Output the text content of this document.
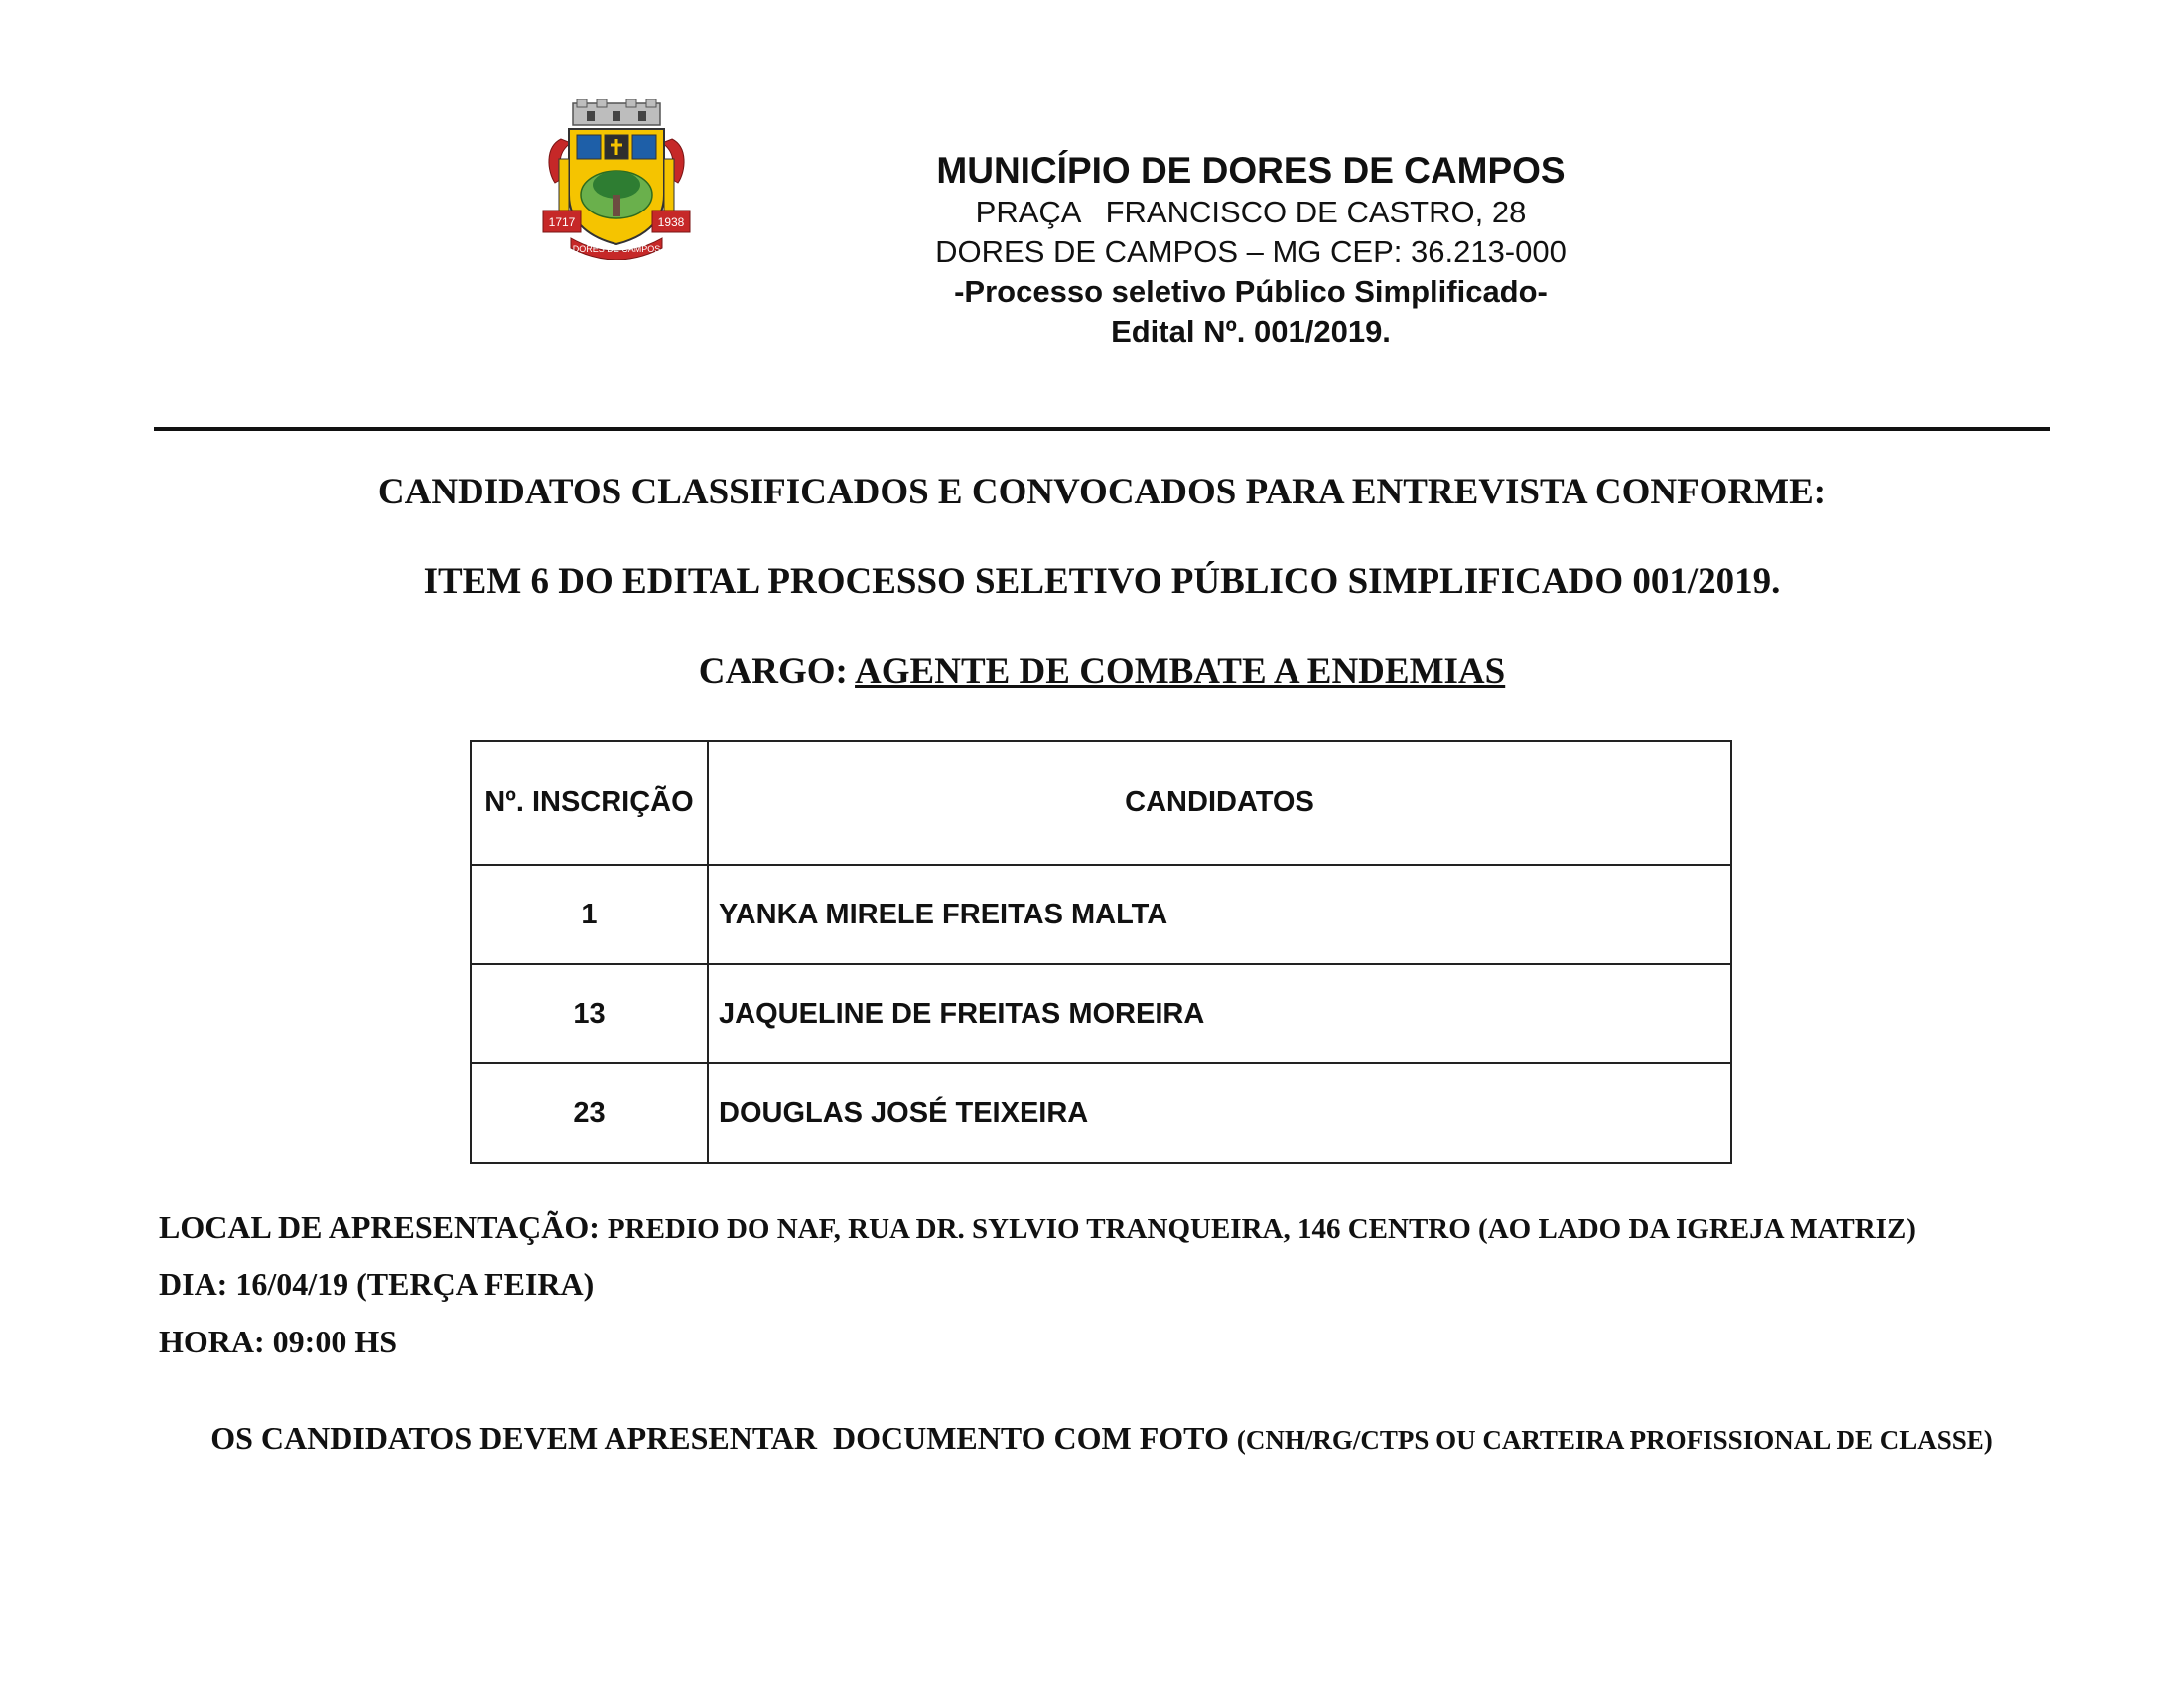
1717	1938
DORES DE CAMPOS
MUNICÍPIO DE DORES DE CAMPOS
PRAÇA   FRANCISCO DE CASTRO, 28
DORES DE CAMPOS – MG CEP: 36.213-000
-Processo seletivo Público Simplificado-
Edital Nº. 001/2019.
CANDIDATOS CLASSIFICADOS E CONVOCADOS PARA ENTREVISTA CONFORME:
ITEM 6 DO EDITAL PROCESSO SELETIVO PÚBLICO SIMPLIFICADO 001/2019.
CARGO: AGENTE DE COMBATE A ENDEMIAS
Nº. INSCRIÇÃO	CANDIDATOS
1	YANKA MIRELE FREITAS MALTA
13	JAQUELINE DE FREITAS MOREIRA
23	DOUGLAS JOSÉ TEIXEIRA
LOCAL DE APRESENTAÇÃO: PREDIO DO NAF, RUA DR. SYLVIO TRANQUEIRA, 146 CENTRO (AO LADO DA IGREJA MATRIZ)
DIA: 16/04/19 (TERÇA FEIRA)
HORA: 09:00 HS
OS CANDIDATOS DEVEM APRESENTAR  DOCUMENTO COM FOTO (CNH/RG/CTPS OU CARTEIRA PROFISSIONAL DE CLASSE)
